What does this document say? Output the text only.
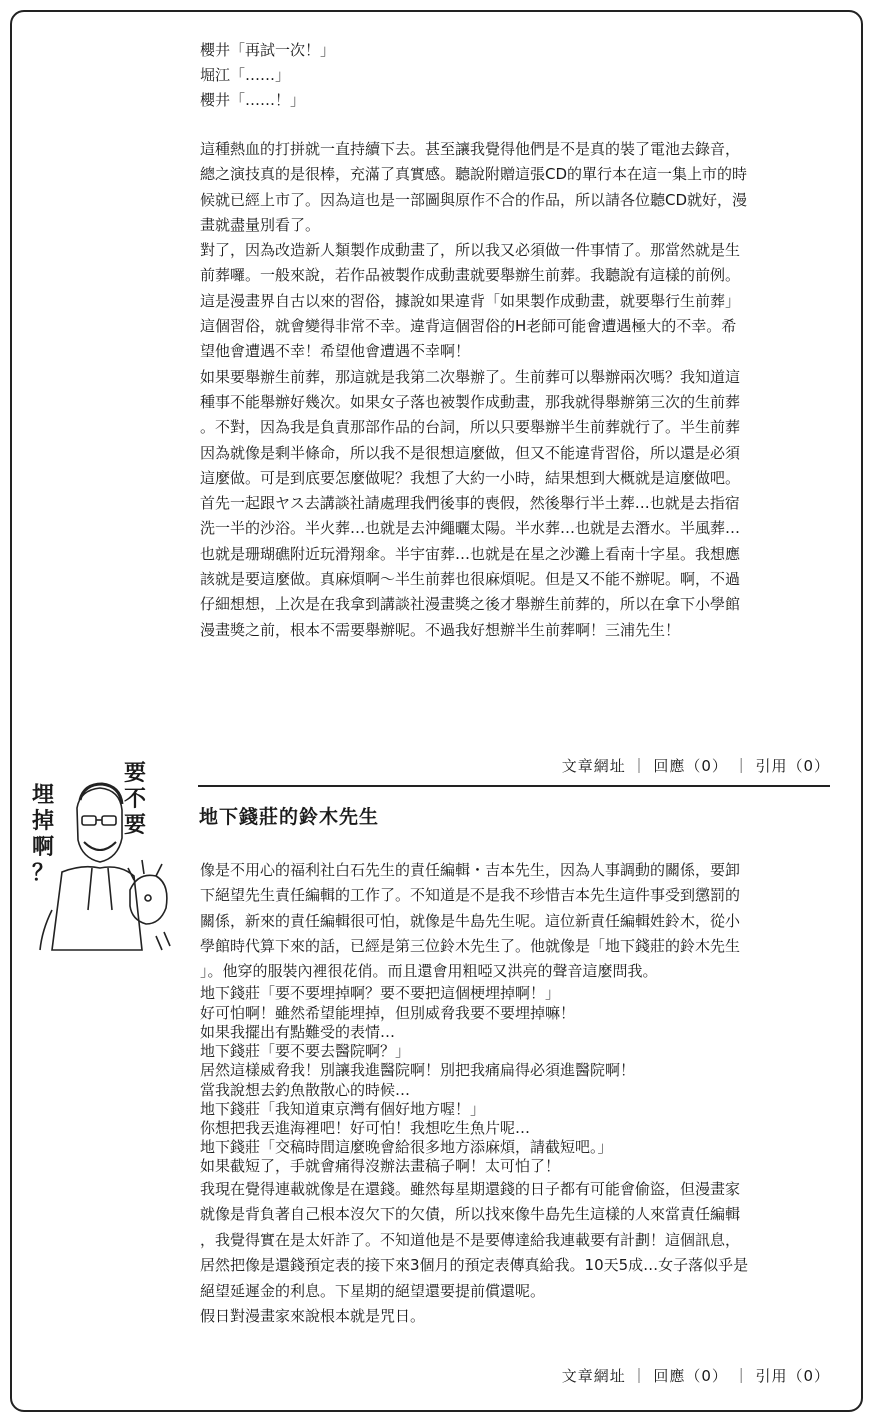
櫻井「再試一次！」
堀江「……」
櫻井「……！」
這種熱血的打拼就一直持續下去。甚至讓我覺得他們是不是真的裝了電池去錄音，
總之演技真的是很棒，充滿了真實感。聽說附贈這張CD的單行本在這一集上市的時
候就已經上市了。因為這也是一部圖與原作不合的作品，所以請各位聽CD就好，漫
畫就盡量別看了。
對了，因為改造新人類製作成動畫了，所以我又必須做一件事情了。那當然就是生
前葬囉。一般來說，若作品被製作成動畫就要舉辦生前葬。我聽說有這樣的前例。
這是漫畫界自古以來的習俗，據說如果違背「如果製作成動畫，就要舉行生前葬」
這個習俗，就會變得非常不幸。違背這個習俗的H老師可能會遭遇極大的不幸。希
望他會遭遇不幸！希望他會遭遇不幸啊！
如果要舉辦生前葬，那這就是我第二次舉辦了。生前葬可以舉辦兩次嗎？我知道這
種事不能舉辦好幾次。如果女子落也被製作成動畫，那我就得舉辦第三次的生前葬
。不對，因為我是負責那部作品的台詞，所以只要舉辦半生前葬就行了。半生前葬
因為就像是剩半條命，所以我不是很想這麼做，但又不能違背習俗，所以還是必須
這麼做。可是到底要怎麼做呢？我想了大約一小時，結果想到大概就是這麼做吧。
首先一起跟ヤス去講談社請處理我們後事的喪假，然後舉行半土葬…也就是去指宿
洗一半的沙浴。半火葬…也就是去沖繩曬太陽。半水葬…也就是去潛水。半風葬…
也就是珊瑚礁附近玩滑翔傘。半宇宙葬…也就是在星之沙灘上看南十字星。我想應
該就是要這麼做。真麻煩啊～半生前葬也很麻煩呢。但是又不能不辦呢。啊，不過
仔細想想，上次是在我拿到講談社漫畫獎之後才舉辦生前葬的，所以在拿下小學館
漫畫獎之前，根本不需要舉辦呢。不過我好想辦半生前葬啊！三浦先生！
文章網址 ｜ 回應（0） ｜ 引用（0）
埋
掉
啊
？
要
不
要	地下錢莊的鈴木先生
像是不用心的福利社白石先生的責任編輯・吉本先生，因為人事調動的關係，要卸
下絕望先生責任編輯的工作了。不知道是不是我不珍惜吉本先生這件事受到懲罰的
關係，新來的責任編輯很可怕，就像是牛島先生呢。這位新責任編輯姓鈴木，從小
學館時代算下來的話，已經是第三位鈴木先生了。他就像是「地下錢莊的鈴木先生
」。他穿的服裝內裡很花俏。而且還會用粗啞又洪亮的聲音這麼問我。
地下錢莊「要不要埋掉啊？要不要把這個梗埋掉啊！」
好可怕啊！雖然希望能埋掉，但別威脅我要不要埋掉嘛！
如果我擺出有點難受的表情…
地下錢莊「要不要去醫院啊？」
居然這樣威脅我！別讓我進醫院啊！別把我痛扁得必須進醫院啊！
當我說想去釣魚散散心的時候…
地下錢莊「我知道東京灣有個好地方喔！」
你想把我丟進海裡吧！好可怕！我想吃生魚片呢…
地下錢莊「交稿時間這麼晚會給很多地方添麻煩，請截短吧。」
如果截短了，手就會痛得沒辦法畫稿子啊！太可怕了！
我現在覺得連載就像是在還錢。雖然每星期還錢的日子都有可能會偷盜，但漫畫家
就像是背負著自己根本沒欠下的欠債，所以找來像牛島先生這樣的人來當責任編輯
，我覺得實在是太奸詐了。不知道他是不是要傳達給我連載要有計劃！這個訊息，
居然把像是還錢預定表的接下來3個月的預定表傳真給我。10天5成…女子落似乎是
絕望延遲金的利息。下星期的絕望還要提前償還呢。
假日對漫畫家來說根本就是咒日。
文章網址 ｜ 回應（0） ｜ 引用（0）
